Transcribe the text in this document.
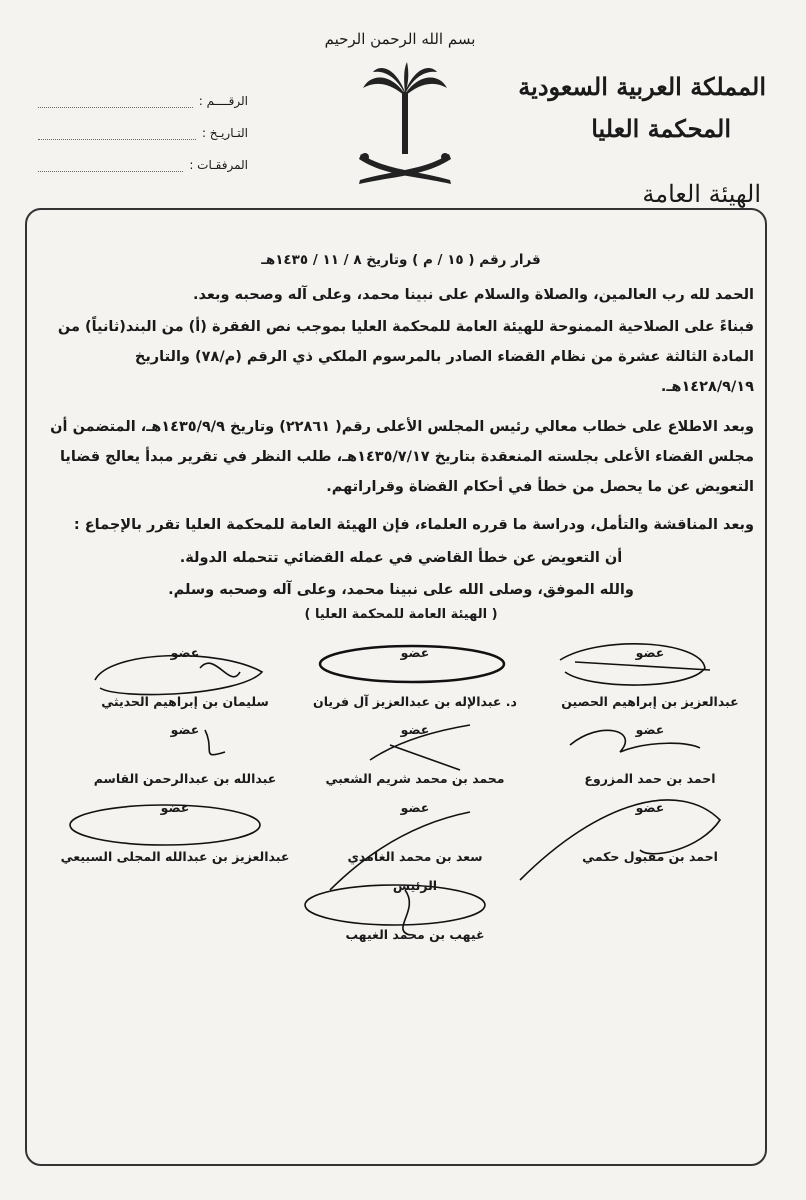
بسم الله الرحمن الرحيم
المملكة العربية السعودية
المحكمة العليا
الهيئة العامة
الرقــــم :
التـاريـخ :
المرفقـات :
قرار رقم ( ١٥ / م ) وتاريخ ٨ / ١١ / ١٤٣٥هـ
الحمد لله رب العالمين، والصلاة والسلام على نبينا محمد، وعلى آله وصحبه وبعد.
فبناءً على الصلاحية الممنوحة للهيئة العامة للمحكمة العليا بموجب نص الفقرة (أ) من البند(ثانياً) من المادة الثالثة عشرة من نظام القضاء الصادر بالمرسوم الملكي ذي الرقم (م/٧٨) والتاريخ ١٤٢٨/٩/١٩هـ.
وبعد الاطلاع على خطاب معالي رئيس المجلس الأعلى رقم( ٢٢٨٦١) وتاريخ ١٤٣٥/٩/٩هـ، المتضمن أن مجلس القضاء الأعلى بجلسته المنعقدة بتاريخ ١٤٣٥/٧/١٧هـ، طلب النظر في تقرير مبدأ يعالج قضايا التعويض عن ما يحصل من خطأ في أحكام القضاة وقراراتهم.
وبعد المناقشة والتأمل، ودراسة ما قرره العلماء، فإن الهيئة العامة للمحكمة العليا تقرر بالإجماع :
أن التعويض عن خطأ القاضي في عمله القضائي تتحمله الدولة.
والله الموفق، وصلى الله على نبينا محمد، وعلى آله وصحبه وسلم.
( الهيئة العامة للمحكمة العليا )
عضو
عبدالعزيز بن إبراهيم الحصين
عضو
د. عبدالإله بن عبدالعزيز آل فريان
عضو
سليمان بن إبراهيم الحديثي
عضو
احمد بن حمد المزروع
عضو
محمد بن محمد شريم الشعبي
عضو
عبدالله بن عبدالرحمن القاسم
عضو
احمد بن مقبول حكمي
عضو
سعد بن محمد الغامدي
عضو
عبدالعزيز بن عبدالله المجلى السبيعي
الرئيس
غيهب بن محمد الغيهب
